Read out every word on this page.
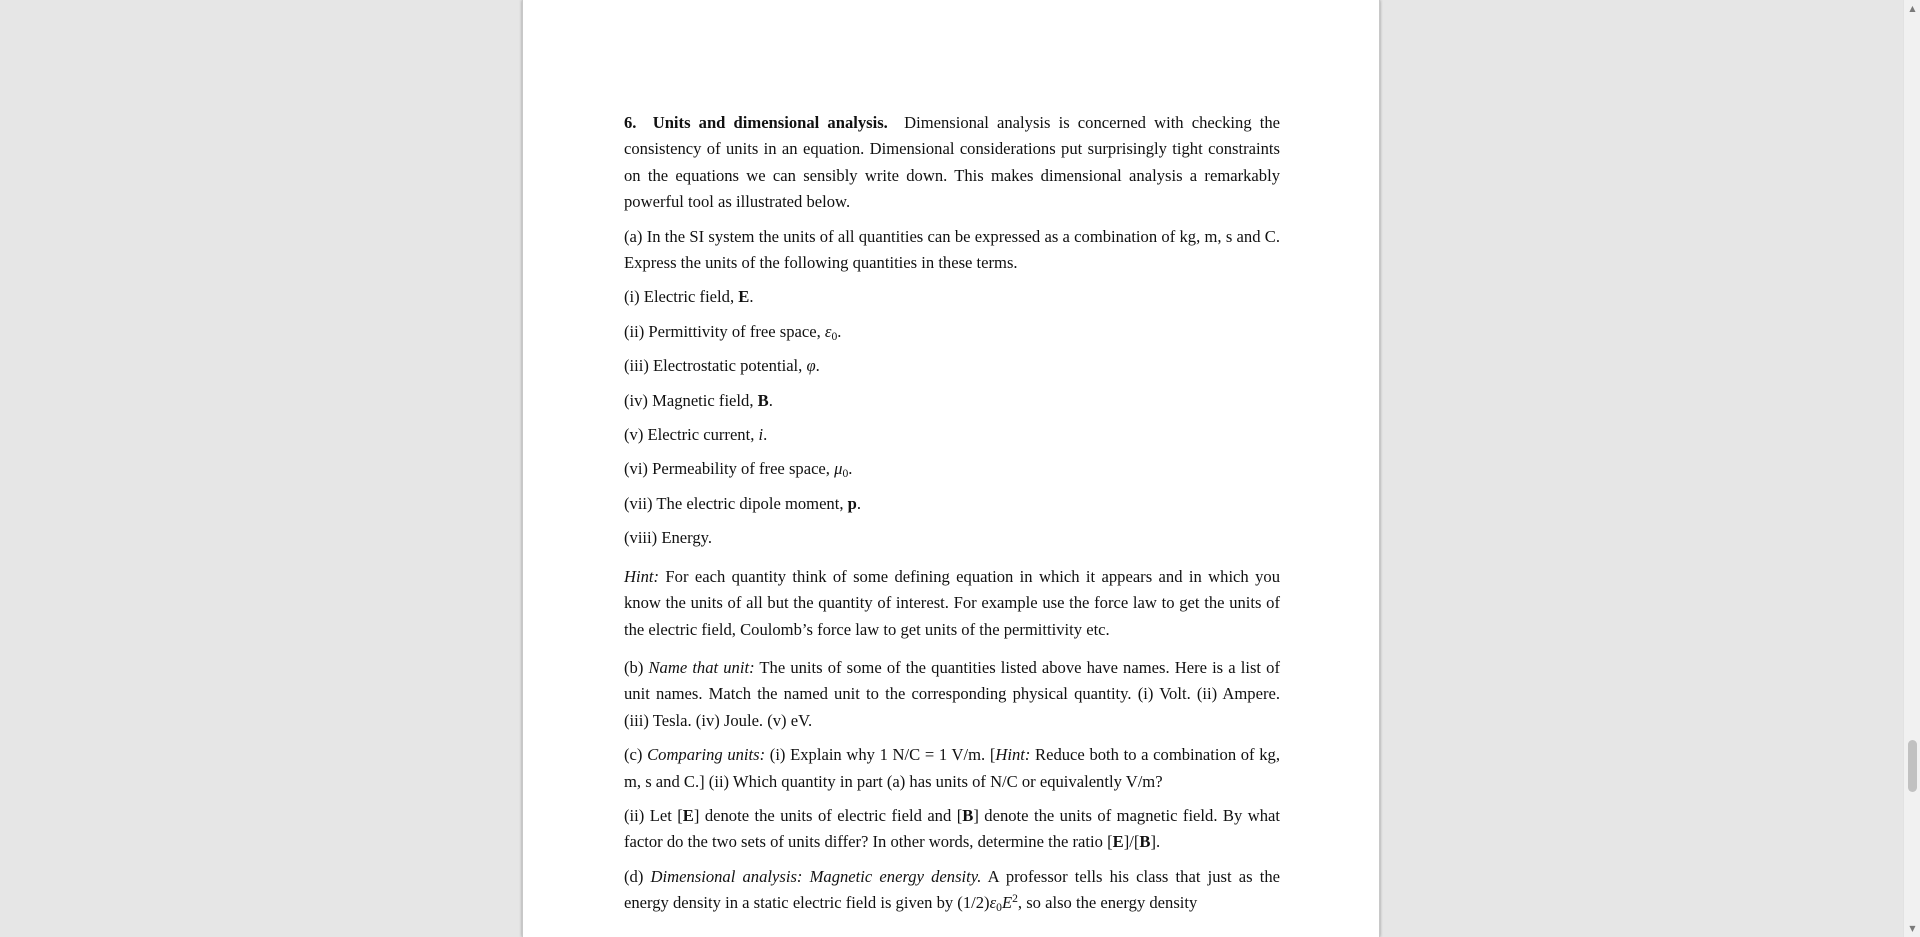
6. Units and dimensional analysis. Dimensional analysis is concerned with checking the consistency of units in an equation. Dimensional considerations put surprisingly tight constraints on the equations we can sensibly write down. This makes dimensional analysis a remarkably powerful tool as illustrated below.

(a) In the SI system the units of all quantities can be expressed as a combination of kg, m, s and C. Express the units of the following quantities in these terms.

(i) Electric field, E.

(ii) Permittivity of free space, $\varepsilon_0$.

(iii) Electrostatic potential, φ.

(iv) Magnetic field, B.

(v) Electric current, i.

(vi) Permeability of free space, $\mu_0$.

(vii) The electric dipole moment, p.

(viii) Energy.

Hint: For each quantity think of some defining equation in which it appears and in which you know the units of all but the quantity of interest. For example use the force law to get the units of the electric field, Coulomb’s force law to get units of the permittivity etc.

(b) Name that unit: The units of some of the quantities listed above have names. Here is a list of unit names. Match the named unit to the corresponding physical quantity. (i) Volt. (ii) Ampere. (iii) Tesla. (iv) Joule. (v) eV.

(c) Comparing units: (i) Explain why 1 N/C = 1 V/m. [Hint: Reduce both to a combination of kg, m, s and C.] (ii) Which quantity in part (a) has units of N/C or equivalently V/m?

(ii) Let [E] denote the units of electric field and [B] denote the units of magnetic field. By what factor do the two sets of units differ? In other words, determine the ratio [E]/[B].

(d) Dimensional analysis: Magnetic energy density. A professor tells his class that just as the energy density in a static electric field is given by $(1/2)\varepsilon_0E^2$, so also the energy density

▲
▼
